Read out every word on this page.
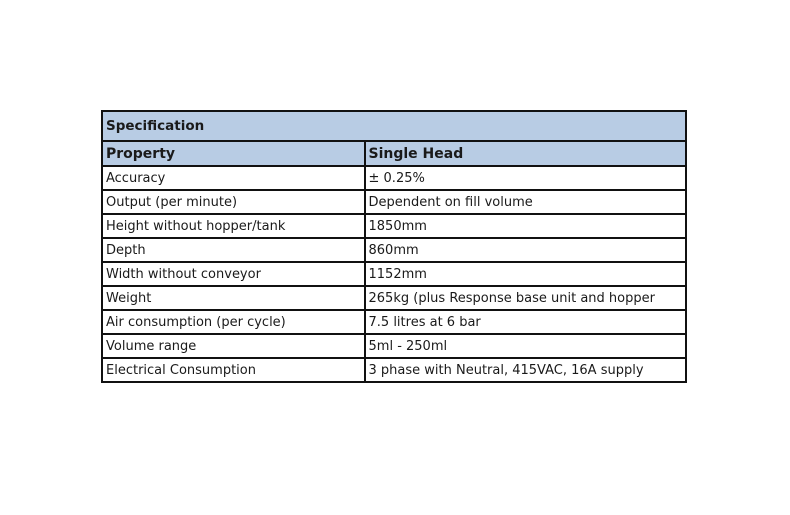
Specification	
Property	Single Head
Accuracy	± 0.25%
Output (per minute)	Dependent on fill volume
Height without hopper/tank	1850mm
Depth	860mm
Width without conveyor	1152mm
Weight	265kg (plus Response base unit and hopper
Air consumption (per cycle)	7.5 litres at 6 bar
Volume range	5ml - 250ml
Electrical Consumption	3 phase with Neutral, 415VAC, 16A supply
